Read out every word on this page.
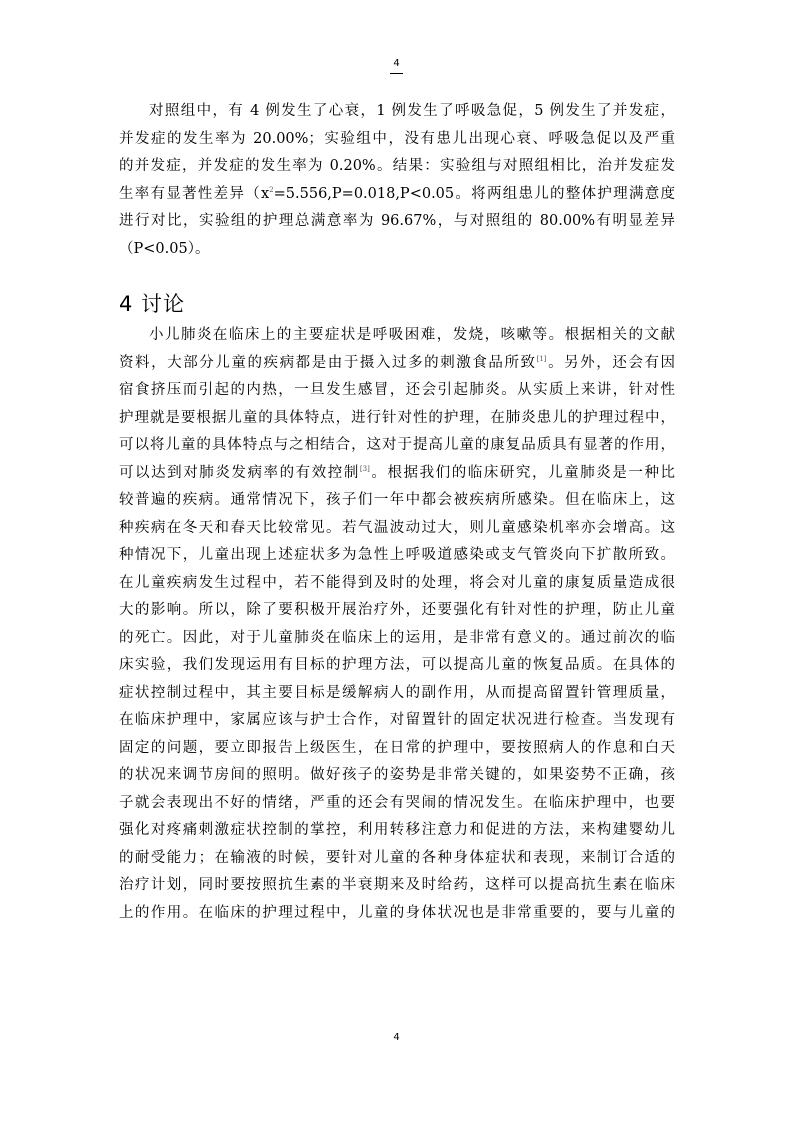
4
对照组中，有 4 例发生了心衰，1 例发生了呼吸急促，5 例发生了并发症，
并发症的发生率为 20.00%；实验组中，没有患儿出现心衰、呼吸急促以及严重
的并发症，并发症的发生率为 0.20%。结果：实验组与对照组相比，治并发症发
生率有显著性差异（$x^2=5.556,P=0.018,P<0.05$。将两组患儿的整体护理满意度
进行对比，实验组的护理总满意率为 96.67%，与对照组的 80.00%有明显差异
（P<0.05）。
4 讨论
小儿肺炎在临床上的主要症状是呼吸困难，发烧，咳嗽等。根据相关的文献
资料，大部分儿童的疾病都是由于摄入过多的刺激食品所致[1]。另外，还会有因
宿食挤压而引起的内热，一旦发生感冒，还会引起肺炎。从实质上来讲，针对性
护理就是要根据儿童的具体特点，进行针对性的护理，在肺炎患儿的护理过程中，
可以将儿童的具体特点与之相结合，这对于提高儿童的康复品质具有显著的作用，
可以达到对肺炎发病率的有效控制[3]。根据我们的临床研究，儿童肺炎是一种比
较普遍的疾病。通常情况下，孩子们一年中都会被疾病所感染。但在临床上，这
种疾病在冬天和春天比较常见。若气温波动过大，则儿童感染机率亦会增高。这
种情况下，儿童出现上述症状多为急性上呼吸道感染或支气管炎向下扩散所致。
在儿童疾病发生过程中，若不能得到及时的处理，将会对儿童的康复质量造成很
大的影响。所以，除了要积极开展治疗外，还要强化有针对性的护理，防止儿童
的死亡。因此，对于儿童肺炎在临床上的运用，是非常有意义的。通过前次的临
床实验，我们发现运用有目标的护理方法，可以提高儿童的恢复品质。在具体的
症状控制过程中，其主要目标是缓解病人的副作用，从而提高留置针管理质量，
在临床护理中，家属应该与护士合作，对留置针的固定状况进行检查。当发现有
固定的问题，要立即报告上级医生，在日常的护理中，要按照病人的作息和白天
的状况来调节房间的照明。做好孩子的姿势是非常关键的，如果姿势不正确，孩
子就会表现出不好的情绪，严重的还会有哭闹的情况发生。在临床护理中，也要
强化对疼痛刺激症状控制的掌控，利用转移注意力和促进的方法，来构建婴幼儿
的耐受能力；在输液的时候，要针对儿童的各种身体症状和表现，来制订合适的
治疗计划，同时要按照抗生素的半衰期来及时给药，这样可以提高抗生素在临床
上的作用。在临床的护理过程中，儿童的身体状况也是非常重要的，要与儿童的
4
